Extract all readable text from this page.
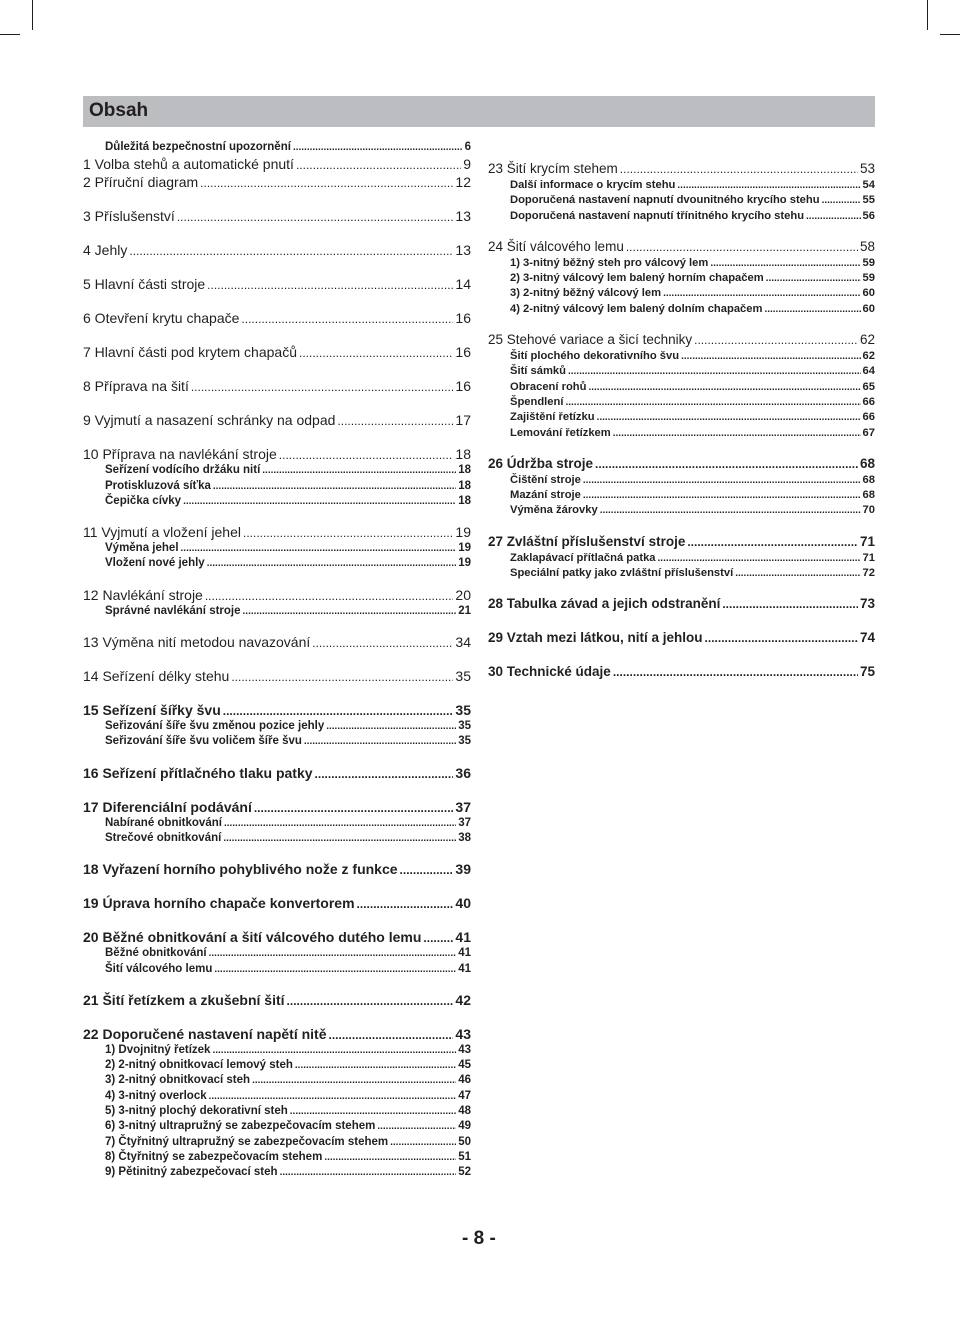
Obsah
Důležitá bezpečnostní upozornění .....	6
1 Volba stehů a automatické pnutí .....	9
2 Příruční diagram .....	12
3 Příslušenství .....	13
4 Jehly .....	13
5 Hlavní části stroje .....	14
6 Otevření krytu chapače .....	16
7 Hlavní části pod krytem chapačů .....	16
8 Příprava na šití .....	16
9 Vyjmutí a nasazení schránky na odpad .....	17
10 Příprava na navlékání stroje .....	18
Seřízení vodícího držáku nití .....	18
Protiskluzová síťka .....	18
Čepička cívky .....	18
11 Vyjmutí a vložení jehel .....	19
Výměna jehel .....	19
Vložení nové jehly .....	19
12 Navlékání stroje .....	20
Správné navlékání stroje .....	21
13 Výměna nití metodou navazování .....	34
14 Seřízení délky stehu .....	35
15 Seřízení šířky švu .....	35
Seřizování šíře švu změnou pozice jehly .....	35
Seřizování šíře švu voličem šíře švu .....	35
16 Seřízení přítlačného tlaku patky .....	36
17 Diferenciální podávání .....	37
Nabírané obnitkování .....	37
Strečové obnitkování .....	38
18 Vyřazení horního pohyblivého nože z funkce .....	39
19 Úprava horního chapače konvertorem .....	40
20 Běžné obnitkování a šití válcového dutého lemu ..... 41
Běžné obnitkování .....	41
Šití válcového lemu .....	41
21 Šití řetízkem a zkušební šití .....	42
22 Doporučené nastavení napětí nitě .....	43
1) Dvojnitný řetízek .....	43
2) 2-nitný obnitkovací lemový steh .....	45
3) 2-nitný obnitkovací steh .....	46
4) 3-nitný overlock .....	47
5) 3-nitný plochý dekorativní steh .....	48
6) 3-nitný ultrapružný se zabezpečovacím stehem .....	49
7) Čtyřnitný ultrapružný se zabezpečovacím stehem .....	50
8) Čtyřnitný se zabezpečovacím stehem .....	51
9) Pětinitný zabezpečovací steh .....	52
23 Šití krycím stehem .....	53
Další informace o krycím stehu .....	54
Doporučená nastavení napnutí dvounitného krycího stehu .....	55
Doporučená nastavení napnutí třínitného krycího stehu .....	56
24 Šití válcového lemu .....	58
1) 3-nitný běžný steh pro válcový lem .....	59
2) 3-nitný válcový lem balený horním chapačem .....	59
3) 2-nitný běžný válcový lem .....	60
4) 2-nitný válcový lem balený dolním chapačem .....	60
25 Stehové variace a šicí techniky .....	62
Šití plochého dekorativního švu .....	62
Šití sámků .....	64
Obracení rohů .....	65
Špendlení .....	66
Zajištění řetízku .....	66
Lemování řetízkem .....	67
26 Údržba stroje .....	68
Čištění stroje .....	68
Mazání stroje .....	68
Výměna žárovky .....	70
27 Zvláštní příslušenství stroje .....	71
Zaklapávací přítlačná patka .....	71
Speciální patky jako zvláštní příslušenství .....	72
28 Tabulka závad a jejich odstranění .....	73
29 Vztah mezi látkou, nití a jehlou .....	74
30 Technické údaje .....	75
- 8 -
